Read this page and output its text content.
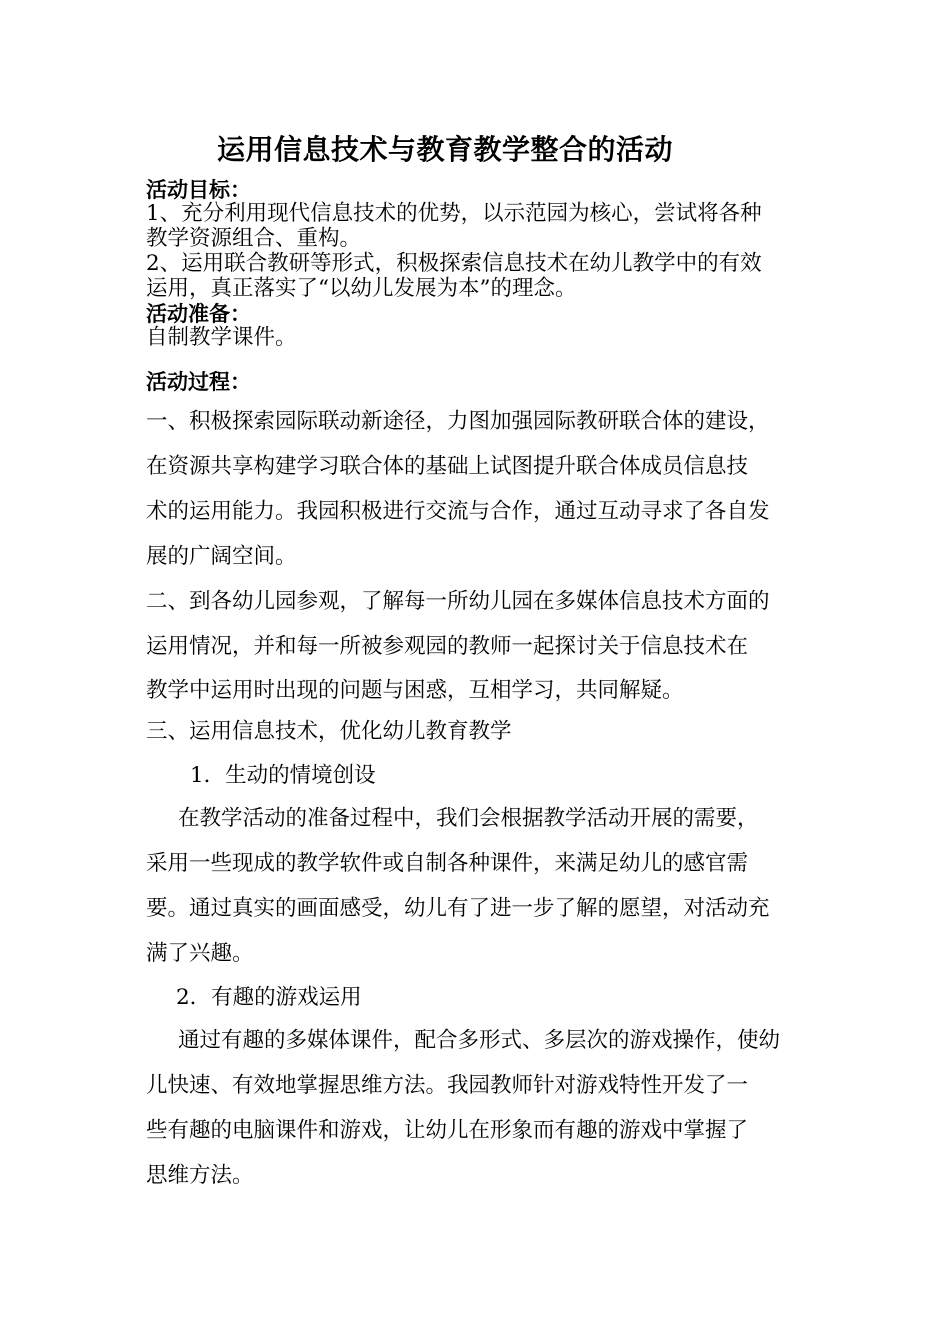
运用信息技术与教育教学整合的活动
活动目标：
1、充分利用现代信息技术的优势，以示范园为核心，尝试将各种
教学资源组合、重构。
2、运用联合教研等形式，积极探索信息技术在幼儿教学中的有效
运用，真正落实了“以幼儿发展为本”的理念。
活动准备：
自制教学课件。
活动过程：
一、积极探索园际联动新途径，力图加强园际教研联合体的建设，
在资源共享构建学习联合体的基础上试图提升联合体成员信息技
术的运用能力。我园积极进行交流与合作，通过互动寻求了各自发
展的广阔空间。
二、到各幼儿园参观，了解每一所幼儿园在多媒体信息技术方面的
运用情况，并和每一所被参观园的教师一起探讨关于信息技术在
教学中运用时出现的问题与困惑，互相学习，共同解疑。
三、运用信息技术，优化幼儿教育教学
1．生动的情境创设
在教学活动的准备过程中，我们会根据教学活动开展的需要，
采用一些现成的教学软件或自制各种课件，来满足幼儿的感官需
要。通过真实的画面感受，幼儿有了进一步了解的愿望，对活动充
满了兴趣。
2．有趣的游戏运用
通过有趣的多媒体课件，配合多形式、多层次的游戏操作，使幼
儿快速、有效地掌握思维方法。我园教师针对游戏特性开发了一
些有趣的电脑课件和游戏，让幼儿在形象而有趣的游戏中掌握了
思维方法。
